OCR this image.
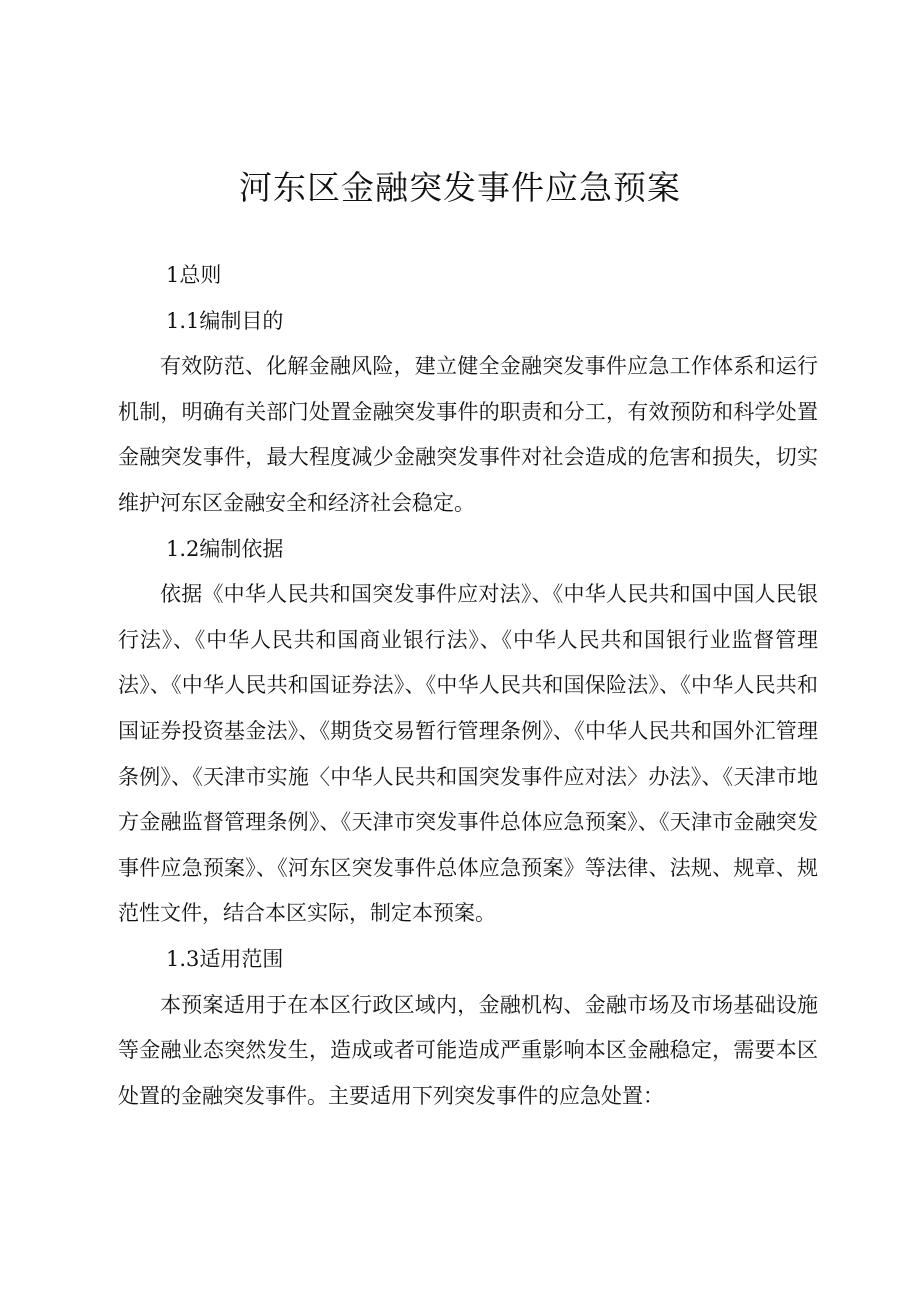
河东区金融突发事件应急预案

1总则

1.1编制目的

有效防范、化解金融风险，建立健全金融突发事件应急工作体系和运行机制，明确有关部门处置金融突发事件的职责和分工，有效预防和科学处置金融突发事件，最大程度减少金融突发事件对社会造成的危害和损失，切实维护河东区金融安全和经济社会稳定。

1.2编制依据

依据《中华人民共和国突发事件应对法》、《中华人民共和国中国人民银行法》、《中华人民共和国商业银行法》、《中华人民共和国银行业监督管理法》、《中华人民共和国证券法》、《中华人民共和国保险法》、《中华人民共和国证券投资基金法》、《期货交易暂行管理条例》、《中华人民共和国外汇管理条例》、《天津市实施〈中华人民共和国突发事件应对法〉办法》、《天津市地方金融监督管理条例》、《天津市突发事件总体应急预案》、《天津市金融突发事件应急预案》、《河东区突发事件总体应急预案》等法律、法规、规章、规范性文件，结合本区实际，制定本预案。

1.3适用范围

本预案适用于在本区行政区域内，金融机构、金融市场及市场基础设施等金融业态突然发生，造成或者可能造成严重影响本区金融稳定，需要本区处置的金融突发事件。主要适用下列突发事件的应急处置：
